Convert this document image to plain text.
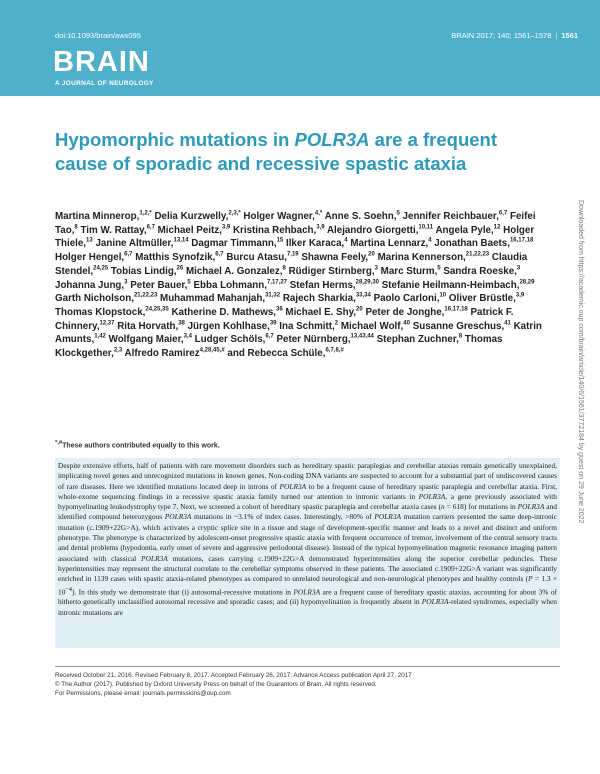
doi:10.1093/brain/awx095	BRAIN 2017: 140; 1561–1578 | 1561
BRAIN
A JOURNAL OF NEUROLOGY
Hypomorphic mutations in POLR3A are a frequent cause of sporadic and recessive spastic ataxia

Martina Minnerop,$^{1,2,*}$ Delia Kurzwelly,$^{2,3,*}$ Holger Wagner,$^{4,*}$ Anne S. Soehn,$^5$ Jennifer Reichbauer,$^{6,7}$ Feifei Tao,$^8$ Tim W. Rattay,$^{6,7}$ Michael Peitz,$^{3,9}$ Kristina Rehbach,$^{3,9}$ Alejandro Giorgetti,$^{10,11}$ Angela Pyle,$^{12}$ Holger Thiele,$^{13}$ Janine Altmüller,$^{13,14}$ Dagmar Timmann,$^{15}$ Ilker Karaca,$^4$ Martina Lennarz,$^4$ Jonathan Baets,$^{16,17,18}$ Holger Hengel,$^{6,7}$ Matthis Synofzik,$^{6,7}$ Burcu Atasu,$^{7,19}$ Shawna Feely,$^{20}$ Marina Kennerson,$^{21,22,23}$ Claudia Stendel,$^{24,25}$ Tobias Lindig,$^{26}$ Michael A. Gonzalez,$^8$ Rüdiger Stirnberg,$^3$ Marc Sturm,$^5$ Sandra Roeske,$^3$ Johanna Jung,$^3$ Peter Bauer,$^5$ Ebba Lohmann,$^{7,17,27}$ Stefan Herms,$^{28,29,30}$ Stefanie Heilmann-Heimbach,$^{28,29}$ Garth Nicholson,$^{21,22,23}$ Muhammad Mahanjah,$^{31,32}$ Rajech Sharkia,$^{33,34}$ Paolo Carloni,$^{10}$ Oliver Brüstle,$^{3,9}$ Thomas Klopstock,$^{24,25,35}$ Katherine D. Mathews,$^{36}$ Michael E. Shy,$^{20}$ Peter de Jonghe,$^{16,17,18}$ Patrick F. Chinnery,$^{12,37}$ Rita Horvath,$^{38}$ Jürgen Kohlhase,$^{39}$ Ina Schmitt,$^2$ Michael Wolf,$^{40}$ Susanne Greschus,$^{41}$ Katrin Amunts,$^{1,42}$ Wolfgang Maier,$^{3,4}$ Ludger Schöls,$^{6,7}$ Peter Nürnberg,$^{13,43,44}$ Stephan Zuchner,$^8$ Thomas Klockgether,$^{2,3}$ Alfredo Ramirez$^{4,28,45,\#}$ and Rebecca Schüle,$^{6,7,8,\#}$

*,#These authors contributed equally to this work.

Despite extensive efforts, half of patients with rare movement disorders such as hereditary spastic paraplegias and cerebellar ataxias remain genetically unexplained, implicating novel genes and unrecognized mutations in known genes. Non-coding DNA variants are suspected to account for a substantial part of undiscovered causes of rare diseases. Here we identified mutations located deep in introns of POLR3A to be a frequent cause of hereditary spastic paraplegia and cerebellar ataxia. First, whole-exome sequencing findings in a recessive spastic ataxia family turned our attention to intronic variants in POLR3A, a gene previously associated with hypomyelinating leukodystrophy type 7. Next, we screened a cohort of hereditary spastic paraplegia and cerebellar ataxia cases (n = 618) for mutations in POLR3A and identified compound heterozygous POLR3A mutations in ~3.1% of index cases. Interestingly, >80% of POLR3A mutation carriers presented the same deep-intronic mutation (c.1909+22G>A), which activates a cryptic splice site in a tissue and stage of development-specific manner and leads to a novel and distinct and uniform phenotype. The phenotype is characterized by adolescent-onset progressive spastic ataxia with frequent occurrence of tremor, involvement of the central sensory tracts and dental problems (hypodontia, early onset of severe and aggressive periodontal disease). Instead of the typical hypomyelination magnetic resonance imaging pattern associated with classical POLR3A mutations, cases carrying c.1909+22G>A demonstrated hyperintensities along the superior cerebellar peduncles. These hyperintensities may represent the structural correlate to the cerebellar symptoms observed in these patients. The associated c.1909+22G>A variant was significantly enriched in 1139 cases with spastic ataxia-related phenotypes as compared to unrelated neurological and non-neurological phenotypes and healthy controls $(P = 1.3 \times 10^{-4})$. In this study we demonstrate that (i) autosomal-recessive mutations in POLR3A are a frequent cause of hereditary spastic ataxias, accounting for about 3% of hitherto genetically unclassified autosomal recessive and sporadic cases; and (ii) hypomyelination is frequently absent in POLR3A-related syndromes, especially when intronic mutations are

Received October 21, 2016. Revised February 8, 2017. Accepted February 26, 2017. Advance Access publication April 27, 2017
© The Author (2017). Published by Oxford University Press on behalf of the Guarantors of Brain. All rights reserved.
For Permissions, please email: journals.permissions@oup.com
Downloaded from https://academic.oup.com/brain/article/140/6/1561/3772184 by guest on 29 June 2022
